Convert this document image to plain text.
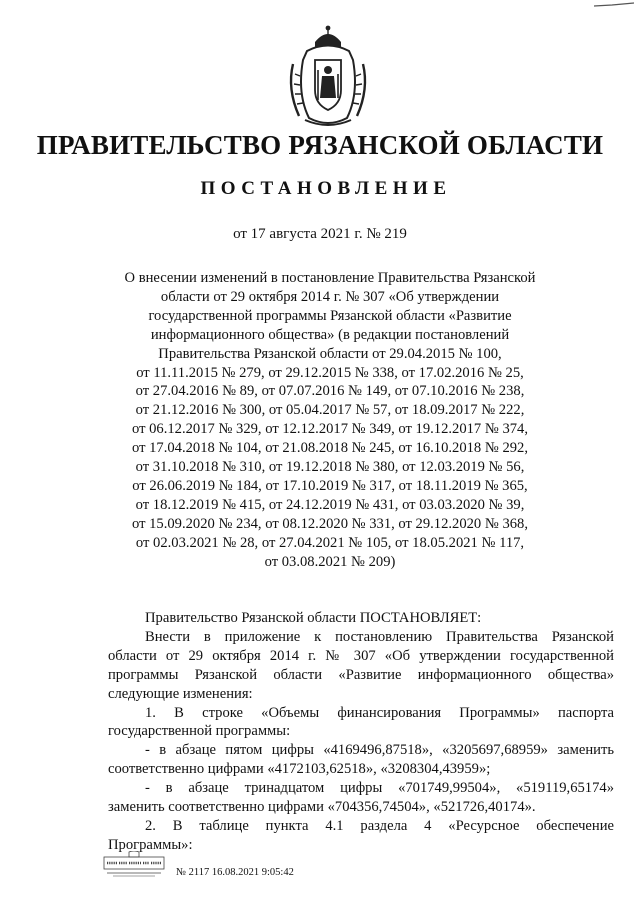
ПРАВИТЕЛЬСТВО РЯЗАНСКОЙ ОБЛАСТИ
ПОСТАНОВЛЕНИЕ
от 17 августа 2021 г. № 219
О внесении изменений в постановление Правительства Рязанской
области от 29 октября 2014 г. № 307 «Об утверждении
государственной программы Рязанской области «Развитие
информационного общества» (в редакции постановлений
Правительства Рязанской области от 29.04.2015 № 100,
от 11.11.2015 № 279, от 29.12.2015 № 338, от 17.02.2016 № 25,
от 27.04.2016 № 89, от 07.07.2016 № 149, от 07.10.2016 № 238,
от 21.12.2016 № 300, от 05.04.2017 № 57, от 18.09.2017 № 222,
от 06.12.2017 № 329, от 12.12.2017 № 349, от 19.12.2017 № 374,
от 17.04.2018 № 104, от 21.08.2018 № 245, от 16.10.2018 № 292,
от 31.10.2018 № 310, от 19.12.2018 № 380, от 12.03.2019 № 56,
от 26.06.2019 № 184, от 17.10.2019 № 317, от 18.11.2019 № 365,
от 18.12.2019 № 415, от 24.12.2019 № 431, от 03.03.2020 № 39,
от 15.09.2020 № 234, от 08.12.2020 № 331, от 29.12.2020 № 368,
от 02.03.2021 № 28, от 27.04.2021 № 105, от 18.05.2021 № 117,
от 03.08.2021 № 209)
Правительство Рязанской области ПОСТАНОВЛЯЕТ:
Внести в приложение к постановлению Правительства Рязанской
области от 29 октября 2014 г. № 307 «Об утверждении государственной
программы Рязанской области «Развитие информационного общества»
следующие изменения:
1. В строке «Объемы финансирования Программы» паспорта
государственной программы:
- в абзаце пятом цифры «4169496,87518», «3205697,68959» заменить
соответственно цифрами «4172103,62518», «3208304,43959»;
- в абзаце тринадцатом цифры «701749,99504», «519119,65174»
заменить соответственно цифрами «704356,74504», «521726,40174».
2. В таблице пункта 4.1 раздела 4 «Ресурсное обеспечение
Программы»:
№ 2117 16.08.2021 9:05:42
